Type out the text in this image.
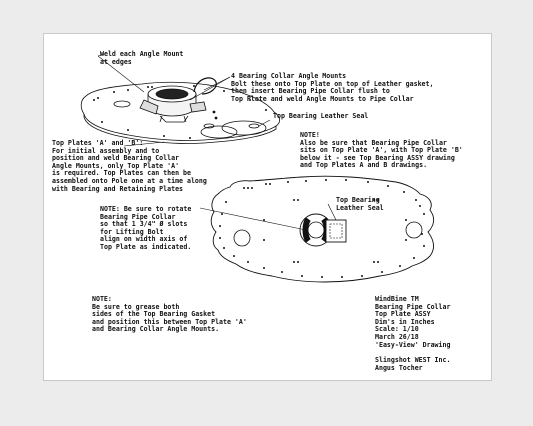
Weld each Angle Mount
at edges

4 Bearing Collar Angle Mounts
Bolt these onto Top Plate on top of Leather gasket,
then insert Bearing Pipe Collar flush to
Top Plate and weld Angle Mounts to Pipe Collar

Top Bearing Leather Seal

Top Plates 'A' and 'B':
For initial assembly and to
position and weld Bearing Collar
Angle Mounts, only Top Plate 'A'
is required. Top Plates can then be
assembled onto Pole one at a time along
with Bearing and Retaining Plates

NOTE!
Also be sure that Bearing Pipe Collar
sits on Top Plate 'A', with Top Plate 'B'
below it - see Top Bearing ASSY drawing
and Top Plates A and B drawings.

NOTE: Be sure to rotate
Bearing Pipe Collar
so that 1 3/4" Ø slots
for Lifting Bolt
align on width axis of
Top Plate as indicated.

Top Bearing
Leather Seal

NOTE:
Be sure to grease both
sides of the Top Bearing Gasket
and position this between Top Plate 'A'
and Bearing Collar Angle Mounts.

WindBine TM
Bearing Pipe Collar
Top Plate ASSY
Dim's in Inches
Scale: 1/10
March 26/18
'Easy-View' Drawing

Slingshot WEST Inc.
Angus Tocher
